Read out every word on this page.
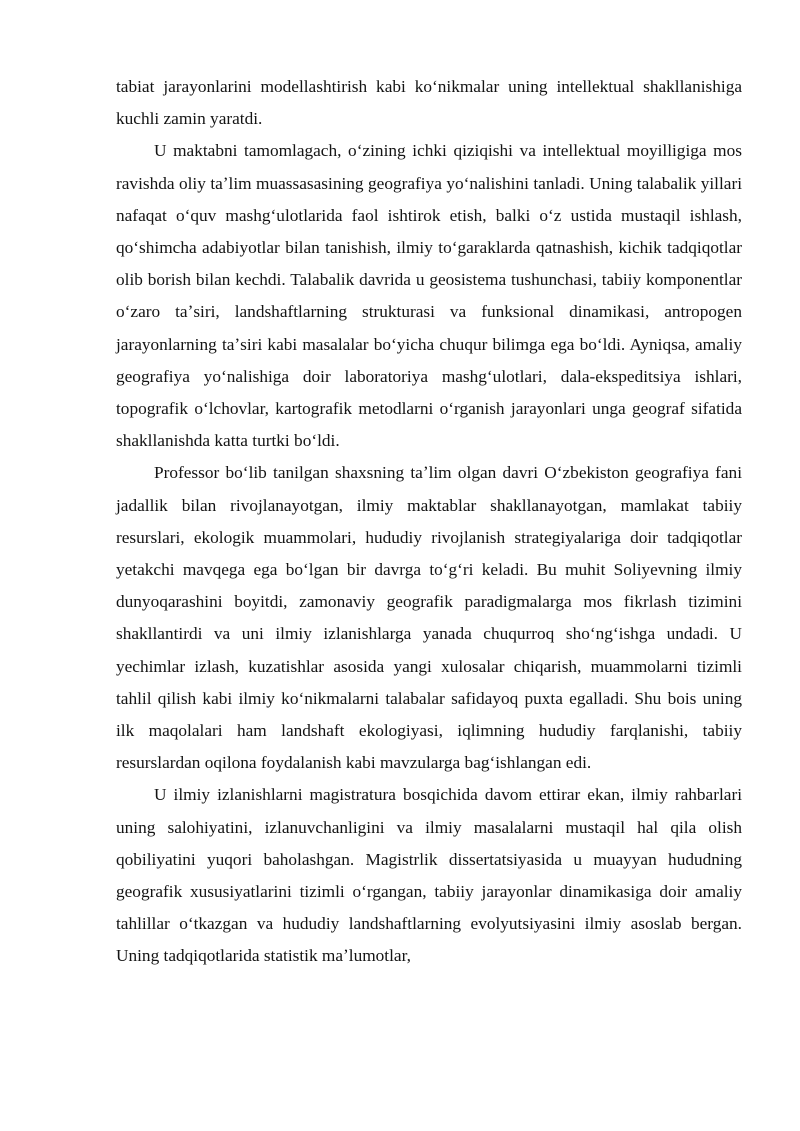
tabiat jarayonlarini modellashtirish kabi koʻnikmalar uning intellektual shakllanishiga kuchli zamin yaratdi.

U maktabni tamomlagach, oʻzining ichki qiziqishi va intellektual moyilligiga mos ravishda oliy taʼlim muassasasining geografiya yoʻnalishini tanladi. Uning talabalik yillari nafaqat oʻquv mashgʻulotlarida faol ishtirok etish, balki oʻz ustida mustaqil ishlash, qoʻshimcha adabiyotlar bilan tanishish, ilmiy toʻgaraklarda qatnashish, kichik tadqiqotlar olib borish bilan kechdi. Talabalik davrida u geosistema tushunchasi, tabiiy komponentlar oʻzaro taʼsiri, landshaftlarning strukturasi va funksional dinamikasi, antropogen jarayonlarning taʼsiri kabi masalalar boʻyicha chuqur bilimga ega boʻldi. Ayniqsa, amaliy geografiya yoʻnalishiga doir laboratoriya mashgʻulotlari, dala-ekspeditsiya ishlari, topografik oʻlchovlar, kartografik metodlarni oʻrganish jarayonlari unga geograf sifatida shakllanishda katta turtki boʻldi.

Professor boʻlib tanilgan shaxsning taʼlim olgan davri Oʻzbekiston geografiya fani jadallik bilan rivojlanayotgan, ilmiy maktablar shakllanayotgan, mamlakat tabiiy resurslari, ekologik muammolari, hududiy rivojlanish strategiyalariga doir tadqiqotlar yetakchi mavqega ega boʻlgan bir davrga toʻgʻri keladi. Bu muhit Soliyevning ilmiy dunyoqarashini boyitdi, zamonaviy geografik paradigmalarga mos fikrlash tizimini shakllantirdi va uni ilmiy izlanishlarga yanada chuqurroq shoʻngʻishga undadi. U yechimlar izlash, kuzatishlar asosida yangi xulosalar chiqarish, muammolarni tizimli tahlil qilish kabi ilmiy koʻnikmalarni talabalar safidayoq puxta egalladi. Shu bois uning ilk maqolalari ham landshaft ekologiyasi, iqlimning hududiy farqlanishi, tabiiy resurslardan oqilona foydalanish kabi mavzularga bagʻishlangan edi.

U ilmiy izlanishlarni magistratura bosqichida davom ettirar ekan, ilmiy rahbarlari uning salohiyatini, izlanuvchanligini va ilmiy masalalarni mustaqil hal qila olish qobiliyatini yuqori baholashgan. Magistrlik dissertatsiyasida u muayyan hududning geografik xususiyatlarini tizimli oʻrgangan, tabiiy jarayonlar dinamikasiga doir amaliy tahlillar oʻtkazgan va hududiy landshaftlarning evolyutsiyasini ilmiy asoslab bergan. Uning tadqiqotlarida statistik maʼlumotlar,
